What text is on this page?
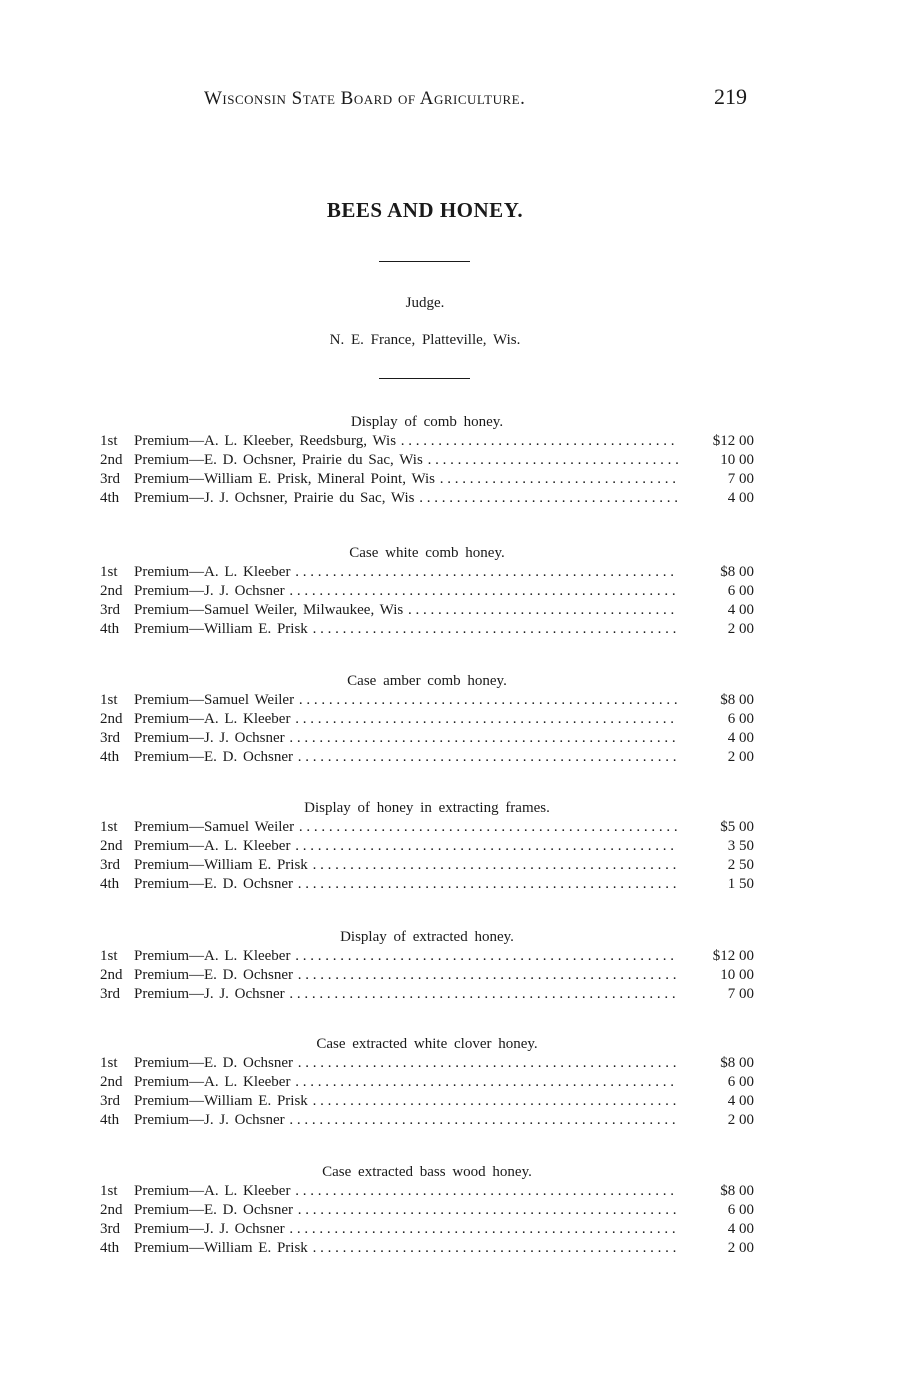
Wisconsin State Board of Agriculture.	219
BEES AND HONEY.
Judge.
N. E. France, Platteville, Wis.
Display of comb honey.
1st	Premium—A. L. Kleeber, Reedsburg, Wis . . .	$12 00
2nd Premium—E. D. Ochsner, Prairie du Sac, Wis . . .	10 00
3rd Premium—William E. Prisk, Mineral Point, Wis . . .	7 00
4th Premium—J. J. Ochsner, Prairie du Sac, Wis . . .	4 00
Case white comb honey.
1st	Premium—A. L. Kleeber . . .	$8 00
2nd Premium—J. J. Ochsner . . .	6 00
3rd Premium—Samuel Weiler, Milwaukee, Wis . . .	4 00
4th Premium—William E. Prisk . . .	2 00
Case amber comb honey.
1st	Premium—Samuel Weiler . . .	$8 00
2nd Premium—A. L. Kleeber . . .	6 00
3rd Premium—J. J. Ochsner . . .	4 00
4th Premium—E. D. Ochsner . . .	2 00
Display of honey in extracting frames.
1st	Premium—Samuel Weiler . . .	$5 00
2nd Premium—A. L. Kleeber . . .	3 50
3rd Premium—William E. Prisk . . .	2 50
4th Premium—E. D. Ochsner . . .	1 50
Display of extracted honey.
1st	Premium—A. L. Kleeber . . .	$12 00
2nd Premium—E. D. Ochsner . . .	10 00
3rd Premium—J. J. Ochsner . . .	7 00
Case extracted white clover honey.
1st	Premium—E. D. Ochsner . . .	$8 00
2nd Premium—A. L. Kleeber . . .	6 00
3rd Premium—William E. Prisk . . .	4 00
4th Premium—J. J. Ochsner . . .	2 00
Case extracted bass wood honey.
1st	Premium—A. L. Kleeber . . .	$8 00
2nd Premium—E. D. Ochsner . . .	6 00
3rd Premium—J. J. Ochsner . . .	4 00
4th Premium—William E. Prisk . . .	2 00
